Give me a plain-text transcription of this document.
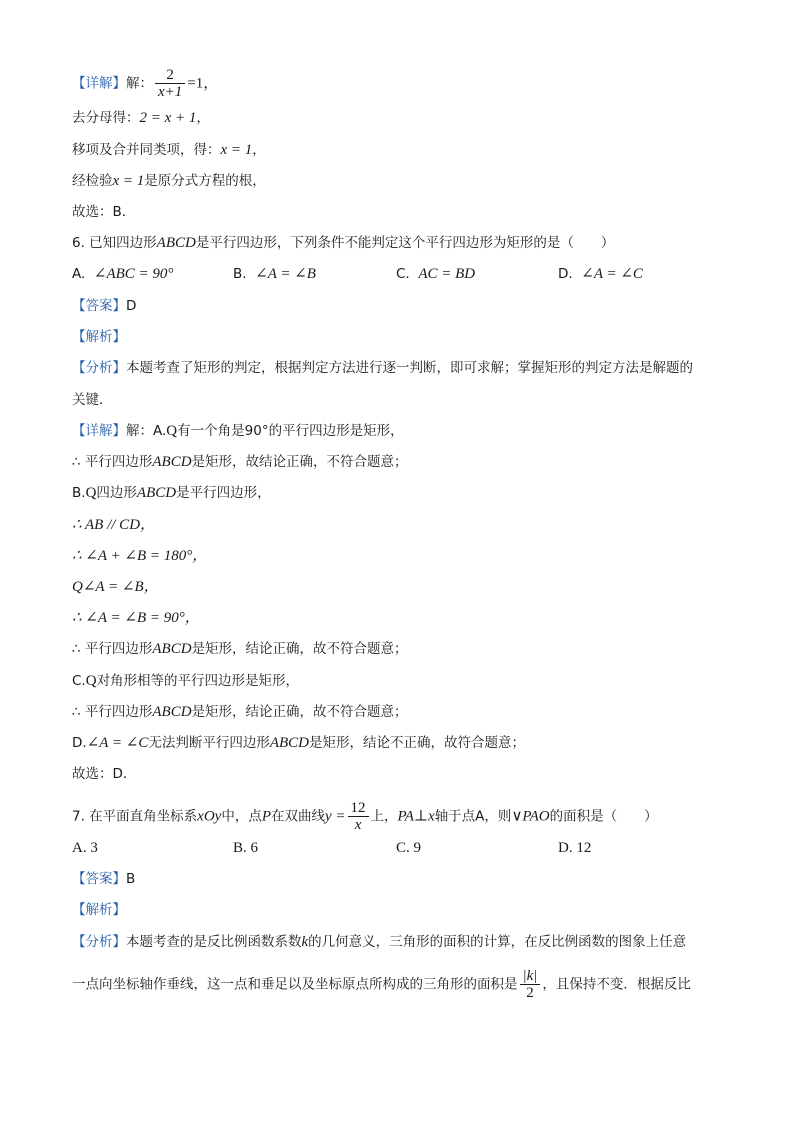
【详解】解： $\frac{2}{x+1} =1$，
去分母得：2 = x + 1，
移项及合并同类项，得：x = 1，
经检验x = 1是原分式方程的根，
故选：B．
6. 已知四边形ABCD是平行四边形，下列条件不能判定这个平行四边形为矩形的是（　　）
A. ∠ABC = 90°	B. ∠A = ∠B	C. AC = BD	D. ∠A = ∠C
【答案】D
【解析】
【分析】本题考查了矩形的判定，根据判定方法进行逐一判断，即可求解；掌握矩形的判定方法是解题的
关键．
【详解】解：A.Q有一个角是90°的平行四边形是矩形，
∴ 平行四边形ABCD是矩形，故结论正确，不符合题意；
B.Q四边形ABCD是平行四边形，
∴ AB // CD，
∴ ∠A + ∠B = 180°，
Q∠A = ∠B，
∴ ∠A = ∠B = 90°，
∴ 平行四边形ABCD是矩形，结论正确，故不符合题意；
C.Q对角形相等的平行四边形是矩形，
∴ 平行四边形ABCD是矩形，结论正确，故不符合题意；
D.∠A = ∠C无法判断平行四边形ABCD是矩形，结论不正确，故符合题意；
故选：D．
7. 在平面直角坐标系xOy中，点P在双曲线$y = \frac{12}{x}$ 上，PA⊥x轴于点A，则∨PAO的面积是（　　）
A. 3	B. 6	C. 9	D. 12
【答案】B
【解析】
【分析】本题考查的是反比例函数系数k的几何意义，三角形的面积的计算，在反比例函数的图象上任意
一点向坐标轴作垂线，这一点和垂足以及坐标原点所构成的三角形的面积是 $\frac{|k|}{2}$ ，且保持不变．根据反比
